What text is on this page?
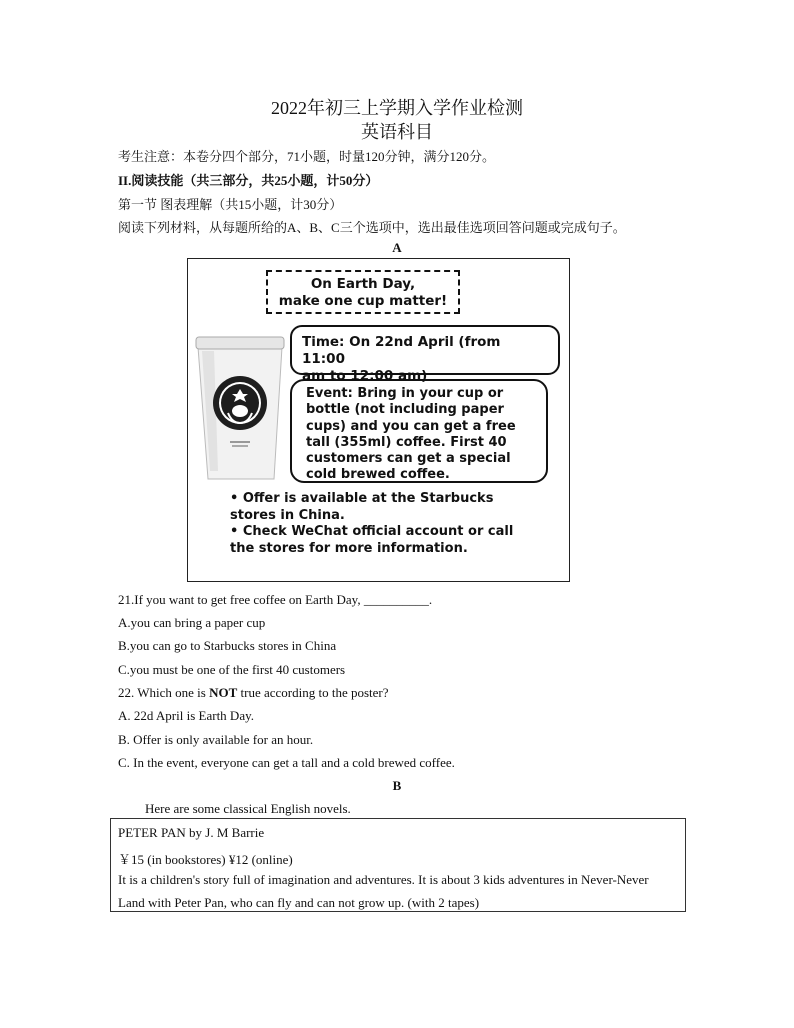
2022年初三上学期入学作业检测
英语科目
考生注意：本卷分四个部分，71小题，时量120分钟，满分120分。
II.阅读技能（共三部分，共25小题，计50分）
第一节 图表理解（共15小题，计30分）
阅读下列材料，从每题所给的A、B、C三个选项中，选出最佳选项回答问题或完成句子。
A
On Earth Day,
make one cup matter!
Time: On 22nd April (from 11:00
am to 12:00 am)
Event: Bring in your cup or
bottle (not including paper
cups) and you can get a free
tall (355ml) coffee. First 40
customers can get a special
cold brewed coffee.
• Offer is available at the Starbucks
stores in China.
• Check WeChat official account or call
the stores for more information.
21.If you want to get free coffee on Earth Day, __________.
A.you can bring a paper cup
B.you can go to Starbucks stores in China
C.you must be one of the first 40 customers
22. Which one is NOT true according to the poster?
A. 22d April is Earth Day.
B. Offer is only available for an hour.
C. In the event, everyone can get a tall and a cold brewed coffee.
B
Here are some classical English novels.
PETER PAN by J. M Barrie
￥15 (in bookstores) ¥12 (online)
It is a children's story full of imagination and adventures. It is about 3 kids adventures in Never-Never
Land with Peter Pan, who can fly and can not grow up. (with 2 tapes)
